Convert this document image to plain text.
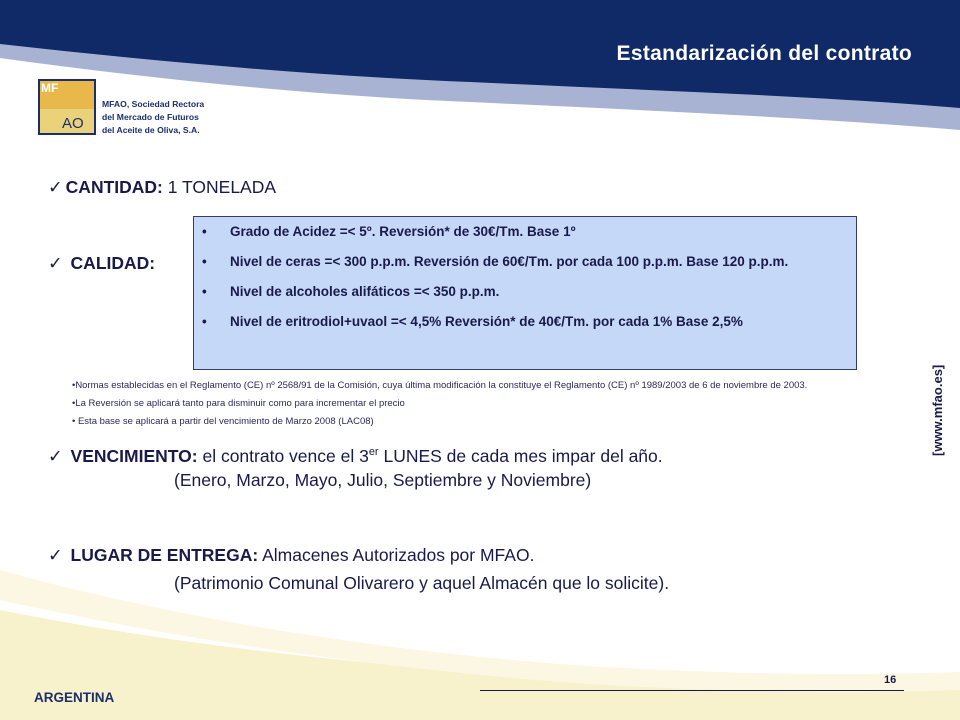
Estandarización del contrato
MF
AO
MFAO, Sociedad Rectora
del Mercado de Futuros
del Aceite de Oliva, S.A.
[www.mfao.es]
✓ CANTIDAD: 1 TONELADA
✓ CALIDAD:
• Grado de Acidez =< 5º. Reversión* de 30€/Tm. Base 1º
• Nivel de ceras =< 300 p.p.m. Reversión de 60€/Tm. por cada 100 p.p.m. Base 120 p.p.m.
• Nivel de alcoholes alifáticos =< 350 p.p.m.
• Nivel de eritrodiol+uvaol =< 4,5% Reversión* de 40€/Tm. por cada 1% Base 2,5%
•Normas establecidas en el Reglamento (CE) nº 2568/91 de la Comisión, cuya última modificación la constituye el Reglamento (CE) nº 1989/2003 de 6 de noviembre de 2003.
•La Reversión se aplicará tanto para disminuir como para incrementar el precio
• Esta base se aplicará a partir del vencimiento de Marzo 2008 (LAC08)
✓ VENCIMIENTO: el contrato vence el 3er LUNES de cada mes impar del año.
(Enero, Marzo, Mayo, Julio, Septiembre y Noviembre)
✓ LUGAR DE ENTREGA: Almacenes Autorizados por MFAO.
(Patrimonio Comunal Olivarero y aquel Almacén que lo solicite).
16
ARGENTINA
